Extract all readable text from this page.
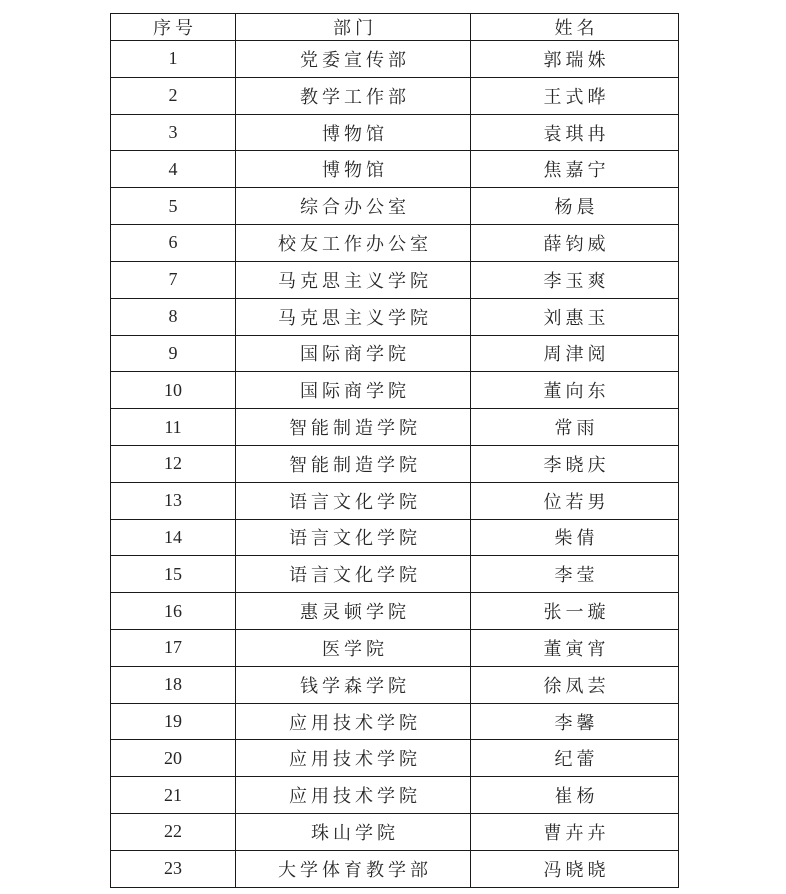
序号	部门	姓名
1	党委宣传部	郭瑞姝
2	教学工作部	王式晔
3	博物馆	袁琪冉
4	博物馆	焦嘉宁
5	综合办公室	杨晨
6	校友工作办公室	薛钧威
7	马克思主义学院	李玉爽
8	马克思主义学院	刘惠玉
9	国际商学院	周津阅
10	国际商学院	董向东
11	智能制造学院	常雨
12	智能制造学院	李晓庆
13	语言文化学院	位若男
14	语言文化学院	柴倩
15	语言文化学院	李莹
16	惠灵顿学院	张一璇
17	医学院	董寅宵
18	钱学森学院	徐凤芸
19	应用技术学院	李馨
20	应用技术学院	纪蕾
21	应用技术学院	崔杨
22	珠山学院	曹卉卉
23	大学体育教学部	冯晓晓
